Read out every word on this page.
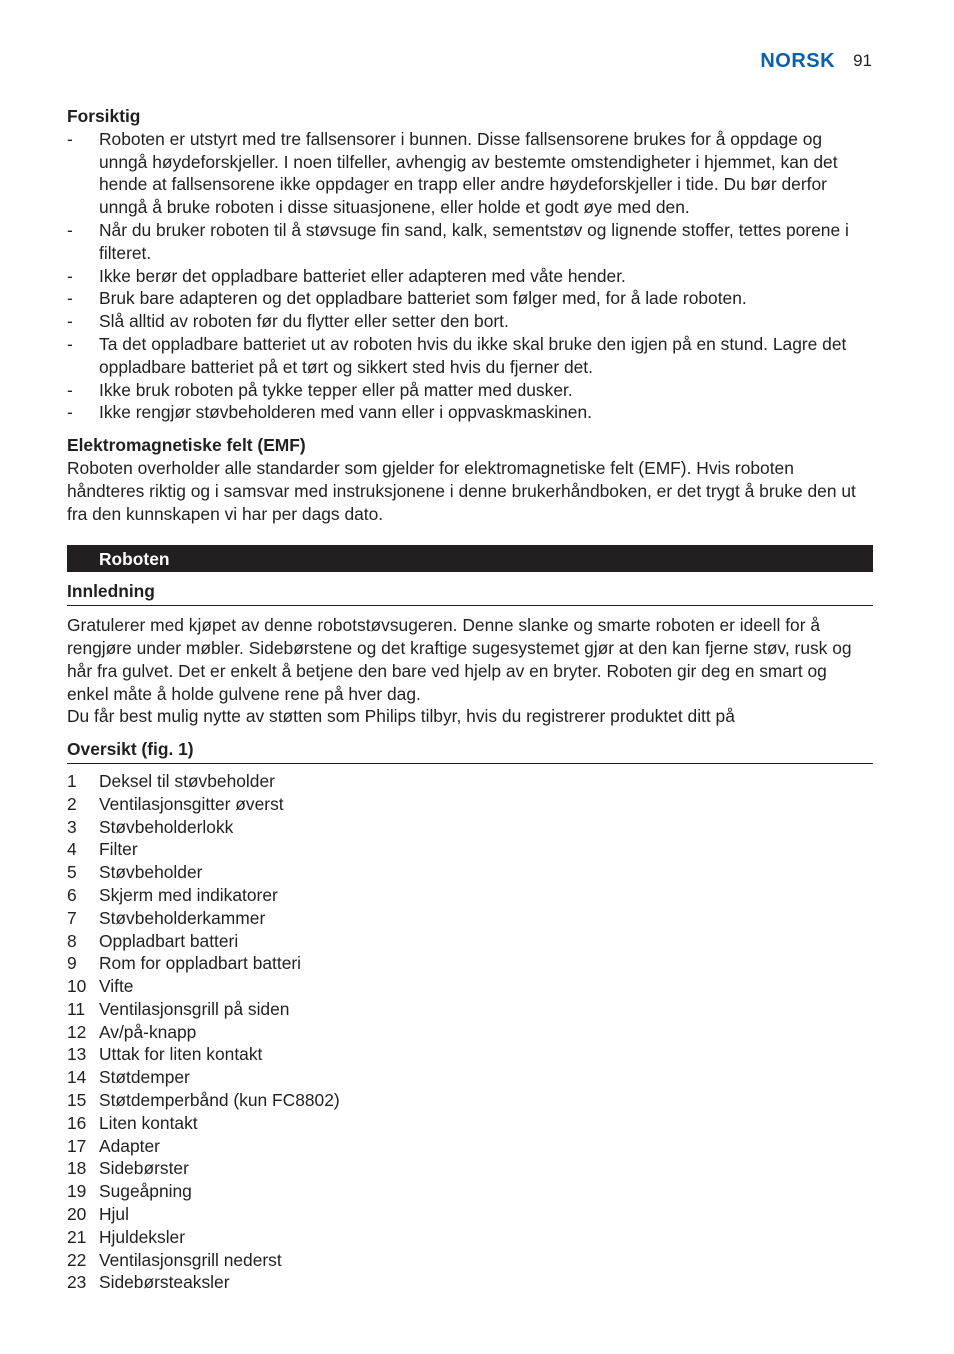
NORSK 91

Forsiktig

- Roboten er utstyrt med tre fallsensorer i bunnen. Disse fallsensorene brukes for å oppdage og unngå høydeforskjeller. I noen tilfeller, avhengig av bestemte omstendigheter i hjemmet, kan det hende at fallsensorene ikke oppdager en trapp eller andre høydeforskjeller i tide. Du bør derfor unngå å bruke roboten i disse situasjonene, eller holde et godt øye med den.
- Når du bruker roboten til å støvsuge fin sand, kalk, sementstøv og lignende stoffer, tettes porene i filteret.
- Ikke berør det oppladbare batteriet eller adapteren med våte hender.
- Bruk bare adapteren og det oppladbare batteriet som følger med, for å lade roboten.
- Slå alltid av roboten før du flytter eller setter den bort.
- Ta det oppladbare batteriet ut av roboten hvis du ikke skal bruke den igjen på en stund. Lagre det oppladbare batteriet på et tørt og sikkert sted hvis du fjerner det.
- Ikke bruk roboten på tykke tepper eller på matter med dusker.
- Ikke rengjør støvbeholderen med vann eller i oppvaskmaskinen.

Elektromagnetiske felt (EMF)

Roboten overholder alle standarder som gjelder for elektromagnetiske felt (EMF). Hvis roboten håndteres riktig og i samsvar med instruksjonene i denne brukerhåndboken, er det trygt å bruke den ut fra den kunnskapen vi har per dags dato.

Roboten

Innledning

Gratulerer med kjøpet av denne robotstøvsugeren. Denne slanke og smarte roboten er ideell for å rengjøre under møbler. Sidebørstene og det kraftige sugesystemet gjør at den kan fjerne støv, rusk og hår fra gulvet. Det er enkelt å betjene den bare ved hjelp av en bryter. Roboten gir deg en smart og enkel måte å holde gulvene rene på hver dag.

Du får best mulig nytte av støtten som Philips tilbyr, hvis du registrerer produktet ditt på

Oversikt (fig. 1)

1	Deksel til støvbeholder
2	Ventilasjonsgitter øverst
3	Støvbeholderlokk
4	Filter
5	Støvbeholder
6	Skjerm med indikatorer
7	Støvbeholderkammer
8	Oppladbart batteri
9	Rom for oppladbart batteri
10 Vifte
11 Ventilasjonsgrill på siden
12 Av/på-knapp
13 Uttak for liten kontakt
14 Støtdemper
15 Støtdemperbånd (kun FC8802)
16 Liten kontakt
17 Adapter
18 Sidebørster
19 Sugeåpning
20 Hjul
21 Hjuldeksler
22 Ventilasjonsgrill nederst
23 Sidebørsteaksler
